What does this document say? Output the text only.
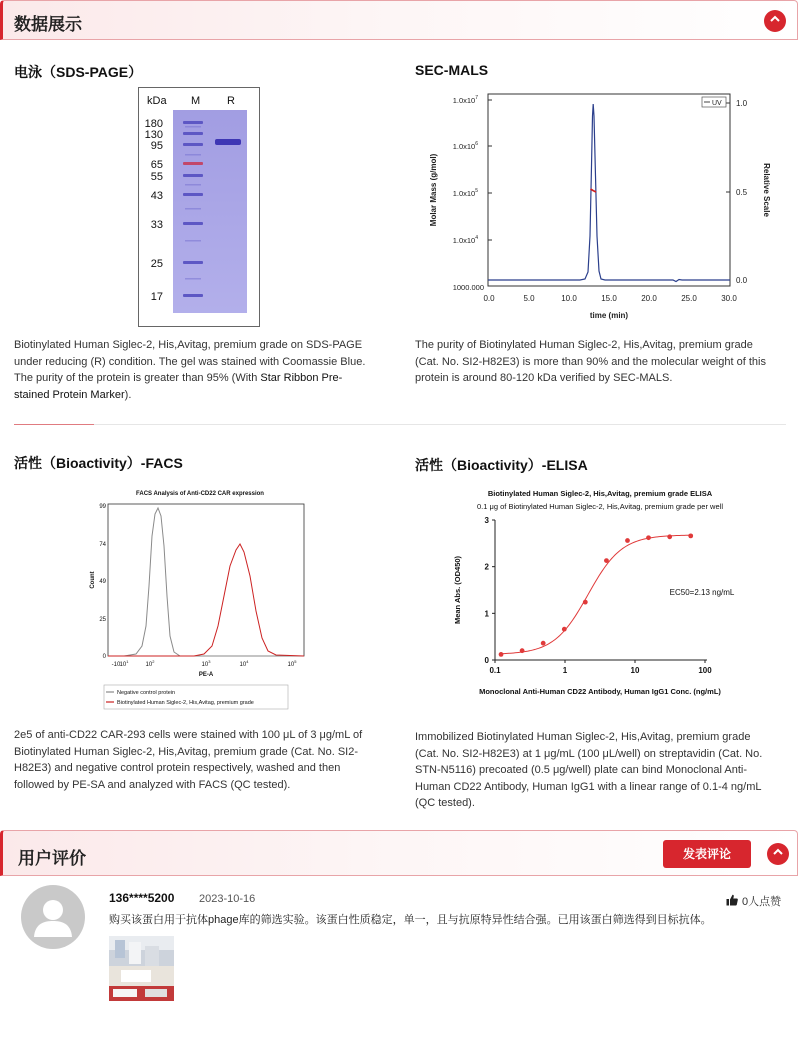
数据展示
电泳（SDS-PAGE）
kDa M R
180
130
95
65
55
43
33
25
17
Biotinylated Human Siglec-2, His,Avitag, premium grade on SDS-PAGE
under reducing (R) condition. The gel was stained with Coomassie Blue.
The purity of the protein is greater than 95% (With Star Ribbon Pre-
stained Protein Marker).
SEC-MALS
$1.0x10^7$
$1.0x10^6$
$1.0x10^5$
$1.0x10^4$
1000.000
1.0
0.5
0.0
0.0	5.0	10.0	15.0	20.0	25.0	30.0
time (min)
Molar Mass (g/mol)	Relative Scale
UV
The purity of Biotinylated Human Siglec-2, His,Avitag, premium grade
(Cat. No. SI2-H82E3) is more than 90% and the molecular weight of this
protein is around 80-120 kDa verified by SEC-MALS.
活性（Bioactivity）-FACS
FACS Analysis of Anti-CD22 CAR expression
99
74
49
25
0
-10	$10^2$
$10^3$
$10^4$
$10^5$
$10^1$
PE-A
Count
Negative control protein
Biotinylated Human Siglec-2, His,Avitag, premium grade
2e5 of anti-CD22 CAR-293 cells were stained with 100 μL of 3 μg/mL of
Biotinylated Human Siglec-2, His,Avitag, premium grade (Cat. No. SI2-
H82E3) and negative control protein respectively, washed and then
followed by PE-SA and analyzed with FACS (QC tested).
活性（Bioactivity）-ELISA
Biotinylated Human Siglec-2, His,Avitag, premium grade ELISA
0.1 μg of Biotinylated Human Siglec-2, His,Avitag, premium grade per well
Mean Abs. (OD450)
Monoclonal Anti-Human CD22 Antibody, Human IgG1 Conc. (ng/mL)
EC50=2.13 ng/mL
0.1	1	10	100
0
1
2
3
Immobilized Biotinylated Human Siglec-2, His,Avitag, premium grade
(Cat. No. SI2-H82E3) at 1 μg/mL (100 μL/well) on streptavidin (Cat. No.
STN-N5116) precoated (0.5 μg/well) plate can bind Monoclonal Anti-
Human CD22 Antibody, Human IgG1 with a linear range of 0.1-4 ng/mL
(QC tested).
用户评价	发表评论
136****5200 2023-10-16	0人点赞
购买该蛋白用于抗体phage库的筛选实验。该蛋白性质稳定，单一，且与抗原特异性结合强。已用该蛋白筛选得到目标抗体。
